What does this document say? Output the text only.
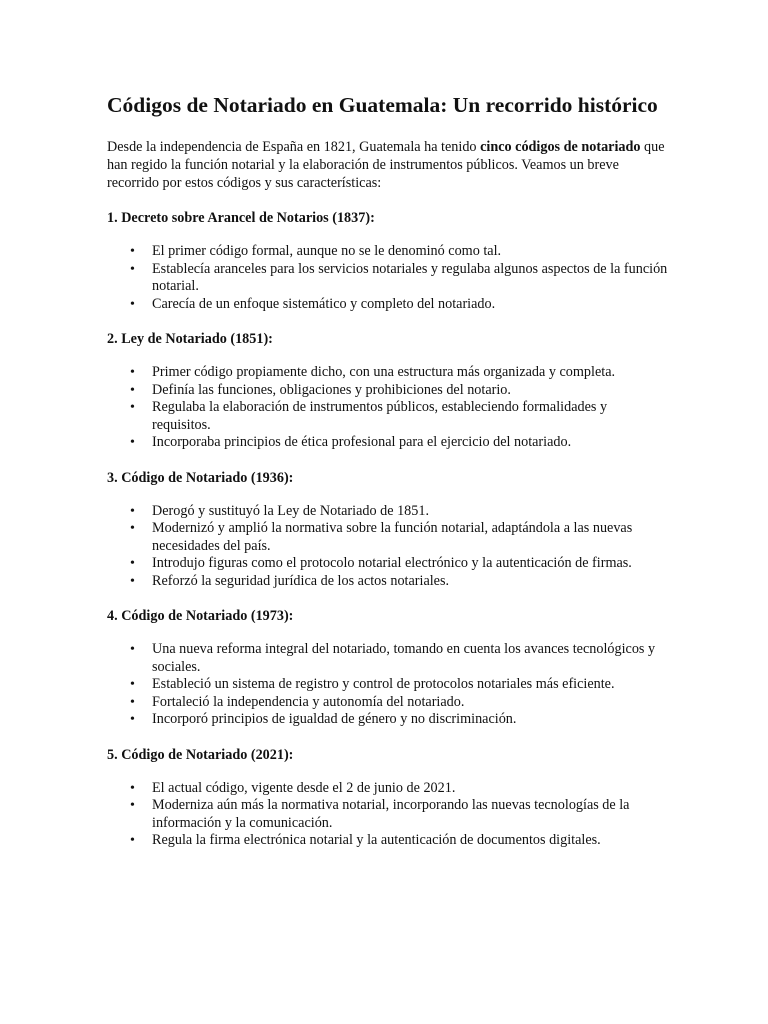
Códigos de Notariado en Guatemala: Un recorrido histórico

Desde la independencia de España en 1821, Guatemala ha tenido cinco códigos de notariado que han regido la función notarial y la elaboración de instrumentos públicos. Veamos un breve recorrido por estos códigos y sus características:

1. Decreto sobre Arancel de Notarios (1837):
• El primer código formal, aunque no se le denominó como tal.
• Establecía aranceles para los servicios notariales y regulaba algunos aspectos de la función notarial.
• Carecía de un enfoque sistemático y completo del notariado.
2. Ley de Notariado (1851):
• Primer código propiamente dicho, con una estructura más organizada y completa.
• Definía las funciones, obligaciones y prohibiciones del notario.
• Regulaba la elaboración de instrumentos públicos, estableciendo formalidades y requisitos.
• Incorporaba principios de ética profesional para el ejercicio del notariado.
3. Código de Notariado (1936):
• Derogó y sustituyó la Ley de Notariado de 1851.
• Modernizó y amplió la normativa sobre la función notarial, adaptándola a las nuevas necesidades del país.
• Introdujo figuras como el protocolo notarial electrónico y la autenticación de firmas.
• Reforzó la seguridad jurídica de los actos notariales.
4. Código de Notariado (1973):
• Una nueva reforma integral del notariado, tomando en cuenta los avances tecnológicos y sociales.
• Estableció un sistema de registro y control de protocolos notariales más eficiente.
• Fortaleció la independencia y autonomía del notariado.
• Incorporó principios de igualdad de género y no discriminación.
5. Código de Notariado (2021):
• El actual código, vigente desde el 2 de junio de 2021.
• Moderniza aún más la normativa notarial, incorporando las nuevas tecnologías de la información y la comunicación.
• Regula la firma electrónica notarial y la autenticación de documentos digitales.
